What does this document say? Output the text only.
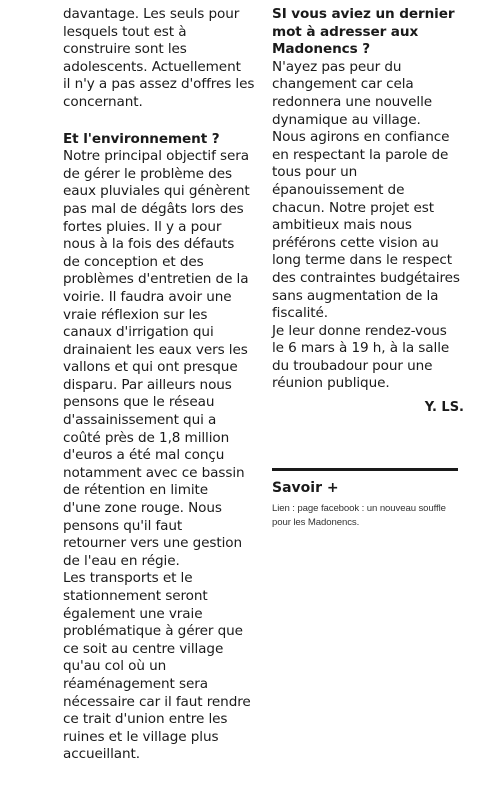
davantage. Les seuls pour
lesquels tout est à
construire sont les
adolescents. Actuellement
il n'y a pas assez d'offres les
concernant.
Et l'environnement ?
Notre principal objectif sera
de gérer le problème des
eaux pluviales qui génèrent
pas mal de dégâts lors des
fortes pluies. Il y a pour
nous à la fois des défauts
de conception et des
problèmes d'entretien de la
voirie. Il faudra avoir une
vraie réflexion sur les
canaux d'irrigation qui
drainaient les eaux vers les
vallons et qui ont presque
disparu. Par ailleurs nous
pensons que le réseau
d'assainissement qui a
coûté près de 1,8 million
d'euros a été mal conçu
notamment avec ce bassin
de rétention en limite
d'une zone rouge. Nous
pensons qu'il faut
retourner vers une gestion
de l'eau en régie.
Les transports et le
stationnement seront
également une vraie
problématique à gérer que
ce soit au centre village
qu'au col où un
réaménagement sera
nécessaire car il faut rendre
ce trait d'union entre les
ruines et le village plus
accueillant.
SI vous aviez un dernier
mot à adresser aux
Madonencs ?
N'ayez pas peur du
changement car cela
redonnera une nouvelle
dynamique au village.
Nous agirons en confiance
en respectant la parole de
tous pour un
épanouissement de
chacun. Notre projet est
ambitieux mais nous
préférons cette vision au
long terme dans le respect
des contraintes budgétaires
sans augmentation de la
fiscalité.
Je leur donne rendez-vous
le 6 mars à 19 h, à la salle
du troubadour pour une
réunion publique.
Y. LS.
Savoir +
Lien : page facebook : un nouveau souffle
pour les Madonencs.
